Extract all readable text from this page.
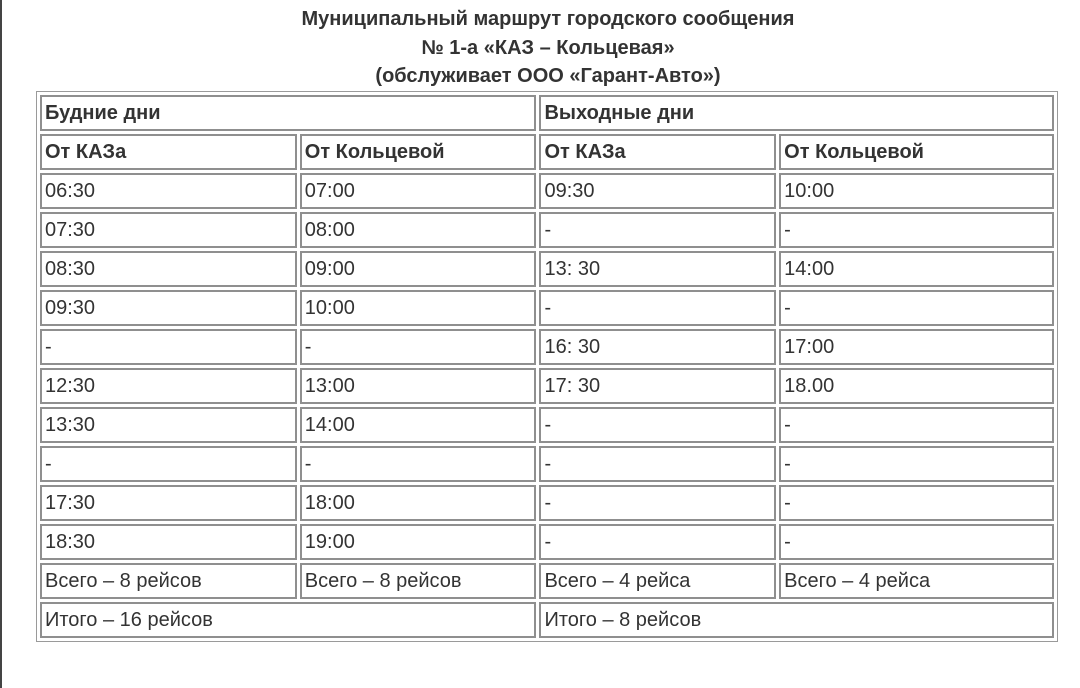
Муниципальный маршрут городского сообщения
№ 1-а «КАЗ – Кольцевая»
(обслуживает ООО «Гарант-Авто»)
Будние дни		Выходные дни	
От КАЗа	От Кольцевой	От КАЗа	От Кольцевой
06:30	07:00	09:30	10:00
07:30	08:00	-	-
08:30	09:00	13: 30	14:00
09:30	10:00	-	-
-	-	16: 30	17:00
12:30	13:00	17: 30	18.00
13:30	14:00	-	-
-	-	-	-
17:30	18:00	-	-
18:30	19:00	-	-
Всего – 8 рейсов	Всего – 8 рейсов	Всего – 4 рейса	Всего – 4 рейса
Итого – 16 рейсов		Итого – 8 рейсов	
